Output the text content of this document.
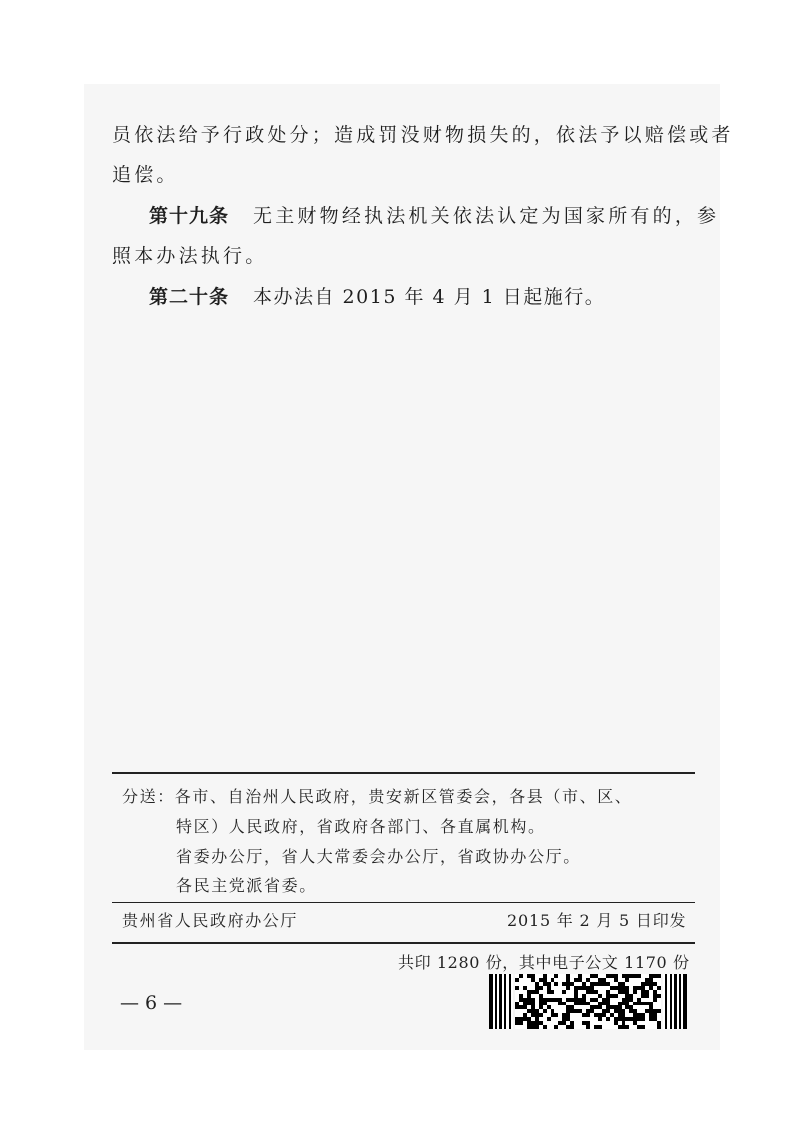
员依法给予行政处分；造成罚没财物损失的，依法予以赔偿或者
追偿。
第十九条 无主财物经执法机关依法认定为国家所有的，参
照本办法执行。
第二十条 本办法自 2015 年 4 月 1 日起施行。
分送：各市、自治州人民政府，贵安新区管委会，各县（市、区、
特区）人民政府，省政府各部门、各直属机构。
省委办公厅，省人大常委会办公厅，省政协办公厅。
各民主党派省委。
贵州省人民政府办公厅	2015 年 2 月 5 日印发
共印 1280 份，其中电子公文 1170 份
— 6 —
